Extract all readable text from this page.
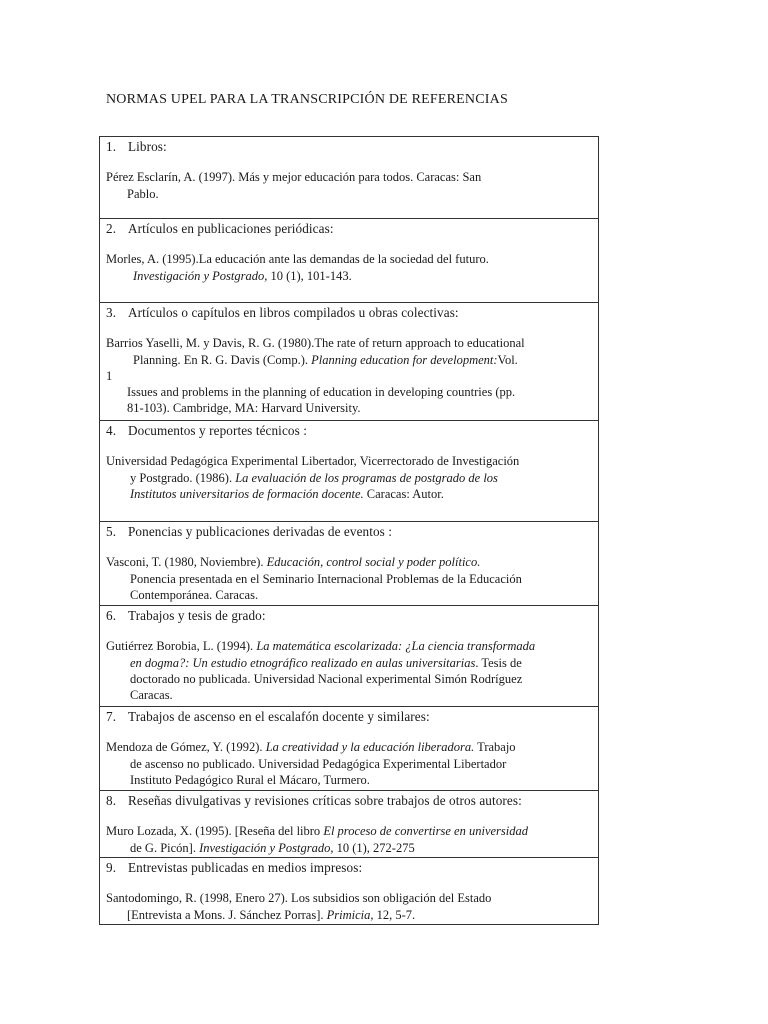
NORMAS UPEL PARA LA TRANSCRIPCIÓN DE REFERENCIAS
1. Libros:

Pérez Esclarín, A. (1997). Más y mejor educación para todos. Caracas: San

Pablo.

2. Artículos en publicaciones periódicas:

Morles, A. (1995).La educación ante las demandas de la sociedad del futuro.

Investigación y Postgrado, 10 (1), 101-143.

3. Artículos o capítulos en libros compilados u obras colectivas:

Barrios Yaselli, M. y Davis, R. G. (1980).The rate of return approach to educational

Planning. En R. G. Davis (Comp.). Planning education for development:Vol.

1

Issues and problems in the planning of education in developing countries (pp.

81-103). Cambridge, MA: Harvard University.

4. Documentos y reportes técnicos :

Universidad Pedagógica Experimental Libertador, Vicerrectorado de Investigación

y Postgrado. (1986). La evaluación de los programas de postgrado de los

Institutos universitarios de formación docente. Caracas: Autor.

5. Ponencias y publicaciones derivadas de eventos :

Vasconi, T. (1980, Noviembre). Educación, control social y poder político.

Ponencia presentada en el Seminario Internacional Problemas de la Educación

Contemporánea. Caracas.

6. Trabajos y tesis de grado:

Gutiérrez Borobia, L. (1994). La matemática escolarizada: ¿La ciencia transformada

en dogma?: Un estudio etnográfico realizado en aulas universitarias. Tesis de

doctorado no publicada. Universidad Nacional experimental Simón Rodríguez

Caracas.

7. Trabajos de ascenso en el escalafón docente y similares:

Mendoza de Gómez, Y. (1992). La creatividad y la educación liberadora. Trabajo

de ascenso no publicado. Universidad Pedagógica Experimental Libertador

Instituto Pedagógico Rural el Mácaro, Turmero.

8. Reseñas divulgativas y revisiones críticas sobre trabajos de otros autores:

Muro Lozada, X. (1995). [Reseña del libro El proceso de convertirse en universidad

de G. Picón]. Investigación y Postgrado, 10 (1), 272-275

9. Entrevistas publicadas en medios impresos:

Santodomingo, R. (1998, Enero 27). Los subsidios son obligación del Estado

[Entrevista a Mons. J. Sánchez Porras]. Primicia, 12, 5-7.
